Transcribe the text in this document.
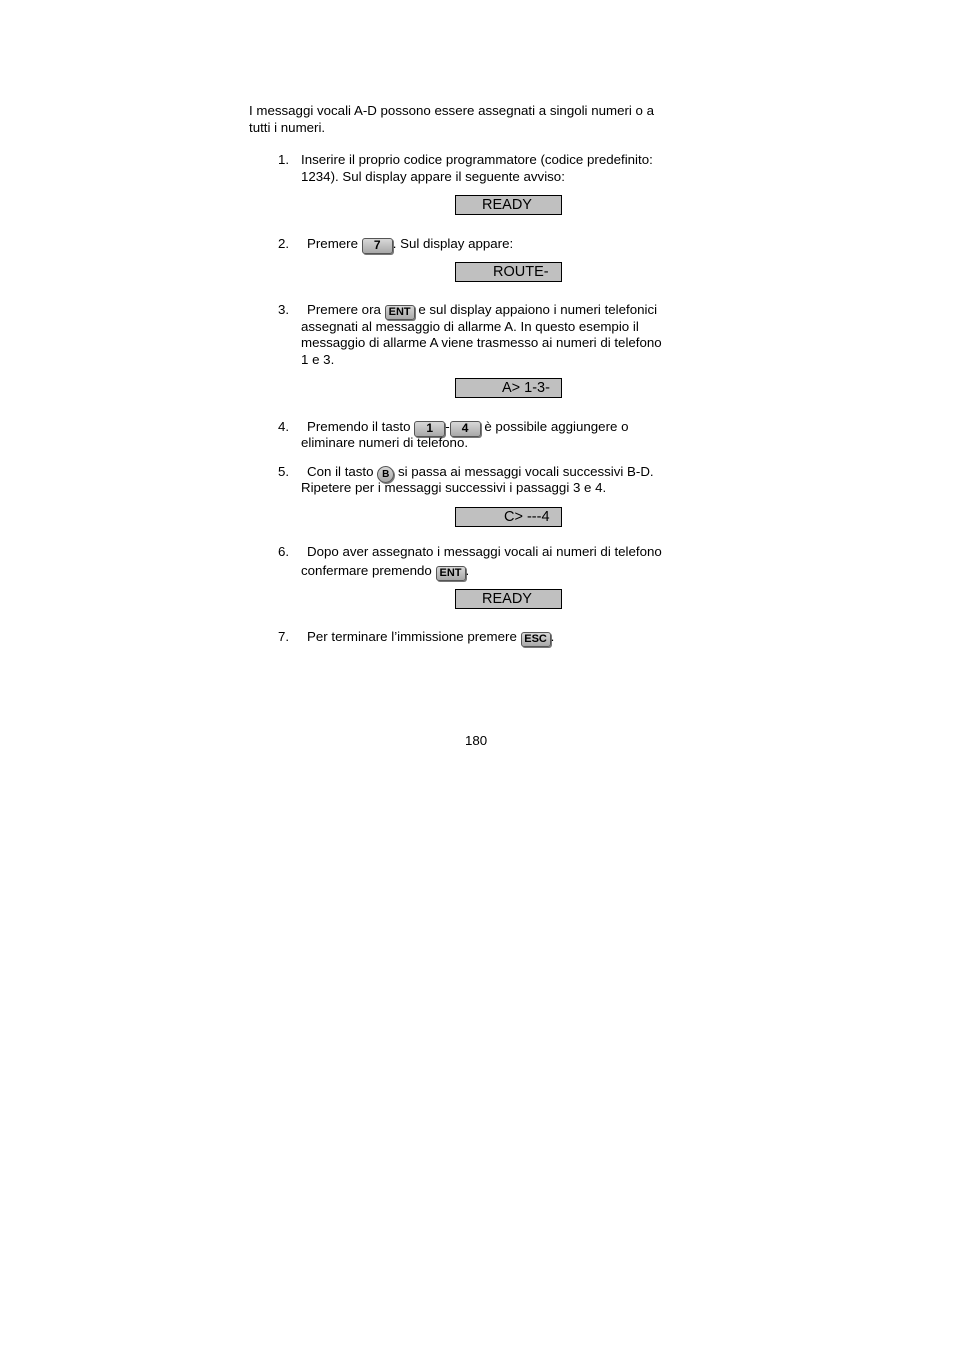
I messaggi vocali A-D possono essere assegnati a singoli numeri o a
tutti i numeri.
1. Inserire il proprio codice programmatore (codice predefinito:
1234). Sul display appare il seguente avviso:
READY
2. Premere 7 . Sul display appare:
ROUTE-
3. Premere ora ENT e sul display appaiono i numeri telefonici
assegnati al messaggio di allarme A. In questo esempio il
messaggio di allarme A viene trasmesso ai numeri di telefono
1 e 3.
A> 1-3-
4. Premendo il tasto 1 - 4 è possibile aggiungere o
eliminare numeri di telefono.
5. Con il tasto B si passa ai messaggi vocali successivi B-D.
Ripetere per i messaggi successivi i passaggi 3 e 4.
C> ---4
6. Dopo aver assegnato i messaggi vocali ai numeri di telefono
confermare premendo ENT .
READY
7. Per terminare l’immissione premere ESC .
180
